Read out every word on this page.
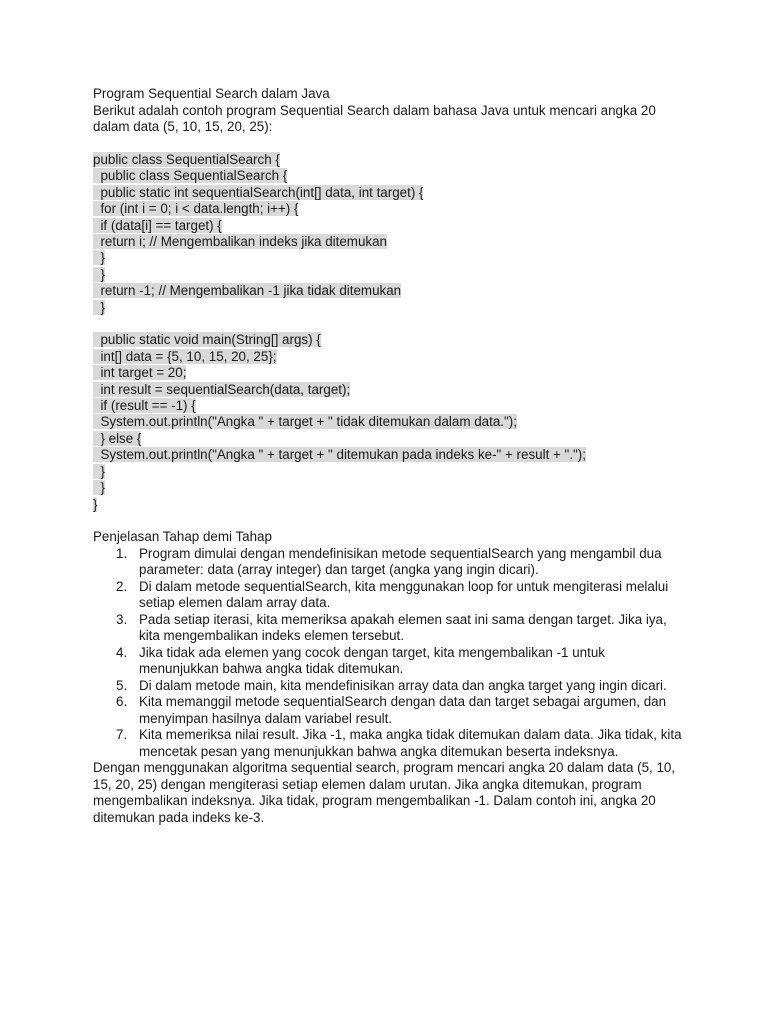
Program Sequential Search dalam Java
Berikut adalah contoh program Sequential Search dalam bahasa Java untuk mencari angka 20 dalam data (5, 10, 15, 20, 25):
public class SequentialSearch {
public class SequentialSearch {
public static int sequentialSearch(int[] data, int target) {
for (int i = 0; i < data.length; i++) {
if (data[i] == target) {
return i; // Mengembalikan indeks jika ditemukan
}
}
return -1; // Mengembalikan -1 jika tidak ditemukan
}
public static void main(String[] args) {
int[] data = {5, 10, 15, 20, 25};
int target = 20;
int result = sequentialSearch(data, target);
if (result == -1) {
System.out.println("Angka " + target + " tidak ditemukan dalam data.");
} else {
System.out.println("Angka " + target + " ditemukan pada indeks ke-" + result + ".");
}
}
}
Penjelasan Tahap demi Tahap
1. Program dimulai dengan mendefinisikan metode sequentialSearch yang mengambil dua parameter: data (array integer) dan target (angka yang ingin dicari).
2. Di dalam metode sequentialSearch, kita menggunakan loop for untuk mengiterasi melalui setiap elemen dalam array data.
3. Pada setiap iterasi, kita memeriksa apakah elemen saat ini sama dengan target. Jika iya, kita mengembalikan indeks elemen tersebut.
4. Jika tidak ada elemen yang cocok dengan target, kita mengembalikan -1 untuk menunjukkan bahwa angka tidak ditemukan.
5. Di dalam metode main, kita mendefinisikan array data dan angka target yang ingin dicari.
6. Kita memanggil metode sequentialSearch dengan data dan target sebagai argumen, dan menyimpan hasilnya dalam variabel result.
7. Kita memeriksa nilai result. Jika -1, maka angka tidak ditemukan dalam data. Jika tidak, kita mencetak pesan yang menunjukkan bahwa angka ditemukan beserta indeksnya.
Dengan menggunakan algoritma sequential search, program mencari angka 20 dalam data (5, 10, 15, 20, 25) dengan mengiterasi setiap elemen dalam urutan. Jika angka ditemukan, program mengembalikan indeksnya. Jika tidak, program mengembalikan -1. Dalam contoh ini, angka 20 ditemukan pada indeks ke-3.
